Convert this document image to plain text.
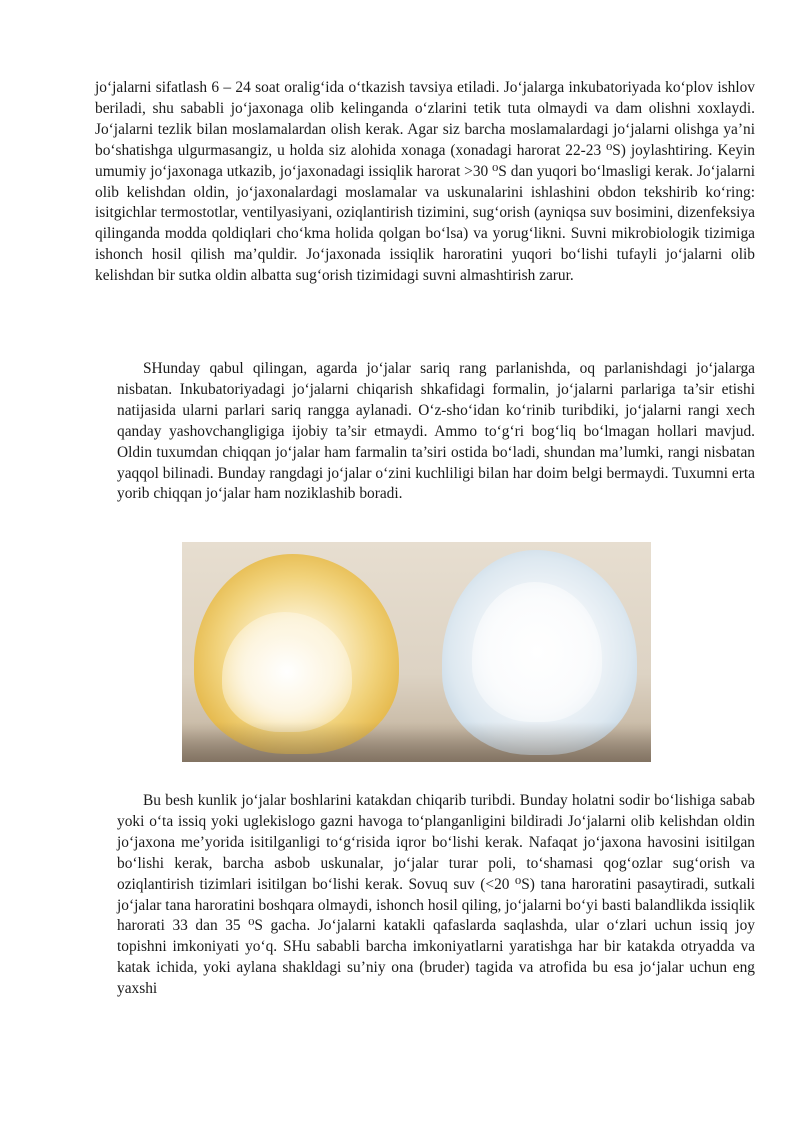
jo‘jalarni sifatlash 6 – 24 soat oralig‘ida o‘tkazish tavsiya etiladi. Jo‘jalarga inkubatoriyada ko‘plov ishlov beriladi, shu sababli jo‘jaxonaga olib kelinganda o‘zlarini tetik tuta olmaydi va dam olishni xoxlaydi. Jo‘jalarni tezlik bilan moslamalardan olish kerak. Agar siz barcha moslamalardagi jo‘jalarni olishga ya’ni bo‘shatishga ulgurmasangiz, u holda siz alohida xonaga (xonadagi harorat 22-23 ⁰S) joylashtiring. Keyin umumiy jo‘jaxonaga utkazib, jo‘jaxonadagi issiqlik harorat >30 ⁰S dan yuqori bo‘lmasligi kerak. Jo‘jalarni olib kelishdan oldin, jo‘jaxonalardagi moslamalar va uskunalarini ishlashini obdon tekshirib ko‘ring: isitgichlar termostotlar, ventilyasiyani, oziqlantirish tizimini, sug‘orish (ayniqsa suv bosimini, dizenfeksiya qilinganda modda qoldiqlari cho‘kma holida qolgan bo‘lsa) va yorug‘likni. Suvni mikrobiologik tizimiga ishonch hosil qilish ma’quldir. Jo‘jaxonada issiqlik haroratini yuqori bo‘lishi tufayli jo‘jalarni olib kelishdan bir sutka oldin albatta sug‘orish tizimidagi suvni almashtirish zarur.

SHunday qabul qilingan, agarda jo‘jalar sariq rang parlanishda, oq parlanishdagi jo‘jalarga nisbatan. Inkubatoriyadagi jo‘jalarni chiqarish shkafidagi formalin, jo‘jalarni parlariga ta’sir etishi natijasida ularni parlari sariq rangga aylanadi. O‘z-sho‘idan ko‘rinib turibdiki, jo‘jalarni rangi xech qanday yashovchangligiga ijobiy ta’sir etmaydi. Ammo to‘g‘ri bog‘liq bo‘lmagan hollari mavjud. Oldin tuxumdan chiqqan jo‘jalar ham farmalin ta’siri ostida bo‘ladi, shundan ma’lumki, rangi nisbatan yaqqol bilinadi. Bunday rangdagi jo‘jalar o‘zini kuchliligi bilan har doim belgi bermaydi. Tuxumni erta yorib chiqqan jo‘jalar ham noziklashib boradi.

Bu besh kunlik jo‘jalar boshlarini katakdan chiqarib turibdi. Bunday holatni sodir bo‘lishiga sabab yoki o‘ta issiq yoki uglekislogo gazni havoga to‘planganligini bildiradi Jo‘jalarni olib kelishdan oldin jo‘jaxona me’yorida isitilganligi to‘g‘risida iqror bo‘lishi kerak. Nafaqat jo‘jaxona havosini isitilgan bo‘lishi kerak, barcha asbob uskunalar, jo‘jalar turar poli, to‘shamasi qog‘ozlar sug‘orish va oziqlantirish tizimlari isitilgan bo‘lishi kerak. Sovuq suv (<20 ⁰S) tana haroratini pasaytiradi, sutkali jo‘jalar tana haroratini boshqara olmaydi, ishonch hosil qiling, jo‘jalarni bo‘yi basti balandlikda issiqlik harorati 33 dan 35 ⁰S gacha. Jo‘jalarni katakli qafaslarda saqlashda, ular o‘zlari uchun issiq joy topishni imkoniyati yo‘q. SHu sababli barcha imkoniyatlarni yaratishga har bir katakda otryadda va katak ichida, yoki aylana shakldagi su’niy ona (bruder) tagida va atrofida bu esa jo‘jalar uchun eng yaxshi
